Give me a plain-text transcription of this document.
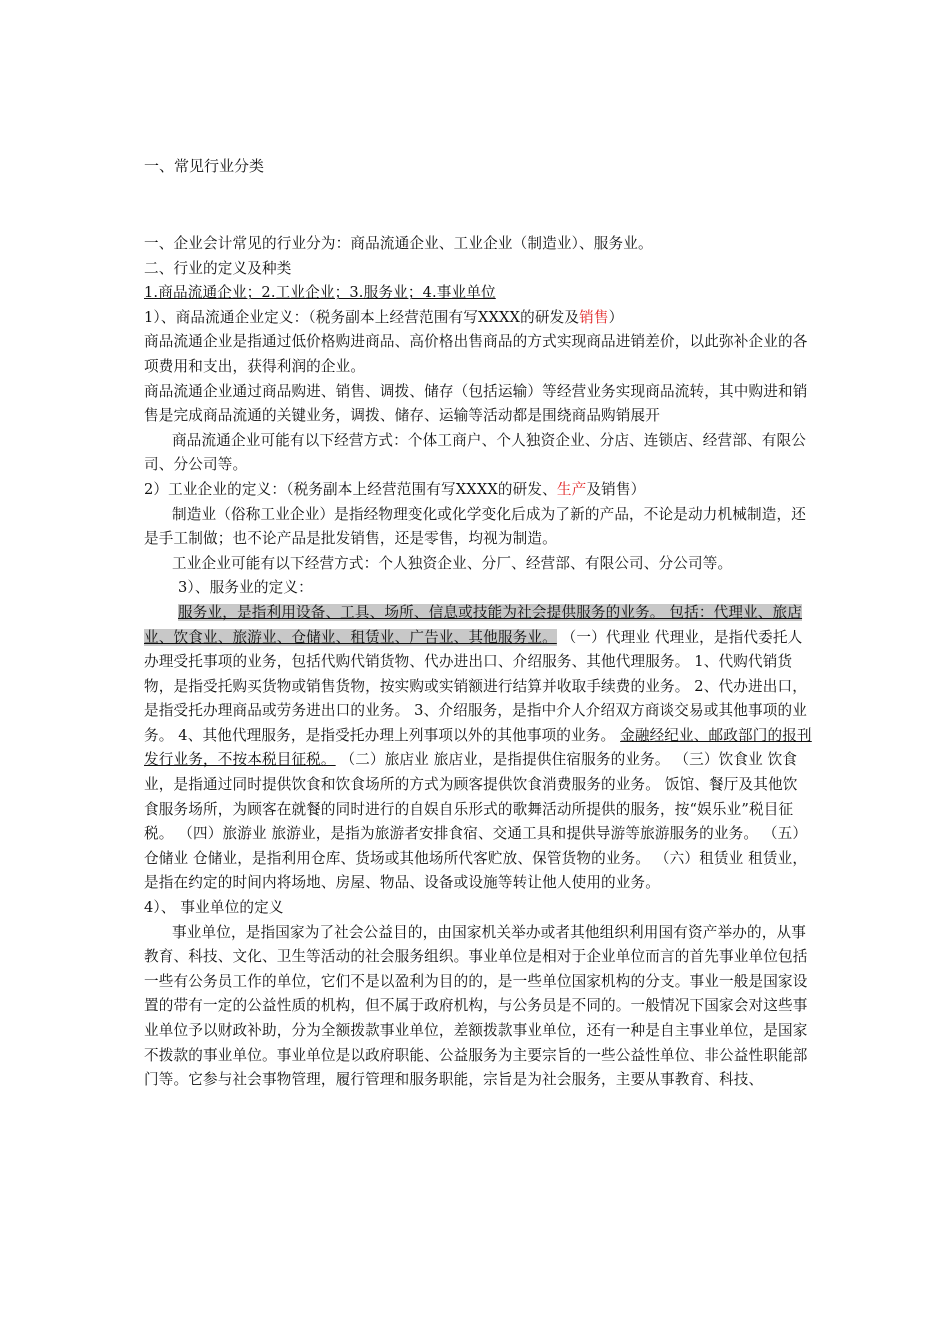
一、常见行业分类

一、企业会计常见的行业分为：商品流通企业、工业企业（制造业）、服务业。

二、行业的定义及种类

1.商品流通企业；2.工业企业；3.服务业；4.事业单位

1）、商品流通企业定义：（税务副本上经营范围有写XXXX的研发及销售）

商品流通企业是指通过低价格购进商品、高价格出售商品的方式实现商品进销差价，以此弥补企业的各项费用和支出，获得利润的企业。

商品流通企业通过商品购进、销售、调拨、储存（包括运输）等经营业务实现商品流转，其中购进和销售是完成商品流通的关键业务，调拨、储存、运输等活动都是围绕商品购销展开

商品流通企业可能有以下经营方式：个体工商户、个人独资企业、分店、连锁店、经营部、有限公司、分公司等。

2）工业企业的定义：（税务副本上经营范围有写XXXX的研发、生产及销售）

制造业（俗称工业企业）是指经物理变化或化学变化后成为了新的产品，不论是动力机械制造，还是手工制做；也不论产品是批发销售，还是零售，均视为制造。

工业企业可能有以下经营方式：个人独资企业、分厂、经营部、有限公司、分公司等。

3）、服务业的定义：

服务业，是指利用设备、工具、场所、信息或技能为社会提供服务的业务。 包括：代理业、旅店业、饮食业、旅游业、仓储业、租赁业、广告业、其他服务业。 （一）代理业 代理业，是指代委托人办理受托事项的业务，包括代购代销货物、代办进出口、介绍服务、其他代理服务。 1、代购代销货物，是指受托购买货物或销售货物，按实购或实销额进行结算并收取手续费的业务。 2、代办进出口，是指受托办理商品或劳务进出口的业务。 3、介绍服务，是指中介人介绍双方商谈交易或其他事项的业务。 4、其他代理服务，是指受托办理上列事项以外的其他事项的业务。 金融经纪业、邮政部门的报刊发行业务，不按本税目征税。 （二）旅店业 旅店业，是指提供住宿服务的业务。 （三）饮食业 饮食业，是指通过同时提供饮食和饮食场所的方式为顾客提供饮食消费服务的业务。 饭馆、餐厅及其他饮食服务场所，为顾客在就餐的同时进行的自娱自乐形式的歌舞活动所提供的服务，按“娱乐业”税目征税。 （四）旅游业 旅游业，是指为旅游者安排食宿、交通工具和提供导游等旅游服务的业务。 （五）仓储业 仓储业，是指利用仓库、货场或其他场所代客贮放、保管货物的业务。 （六）租赁业 租赁业，是指在约定的时间内将场地、房屋、物品、设备或设施等转让他人使用的业务。

4）、 事业单位的定义

事业单位，是指国家为了社会公益目的，由国家机关举办或者其他组织利用国有资产举办的，从事教育、科技、文化、卫生等活动的社会服务组织。事业单位是相对于企业单位而言的首先事业单位包括一些有公务员工作的单位，它们不是以盈利为目的的，是一些单位国家机构的分支。事业一般是国家设置的带有一定的公益性质的机构，但不属于政府机构，与公务员是不同的。一般情况下国家会对这些事业单位予以财政补助，分为全额拨款事业单位，差额拨款事业单位，还有一种是自主事业单位，是国家不拨款的事业单位。事业单位是以政府职能、公益服务为主要宗旨的一些公益性单位、非公益性职能部门等。它参与社会事物管理，履行管理和服务职能，宗旨是为社会服务，主要从事教育、科技、
